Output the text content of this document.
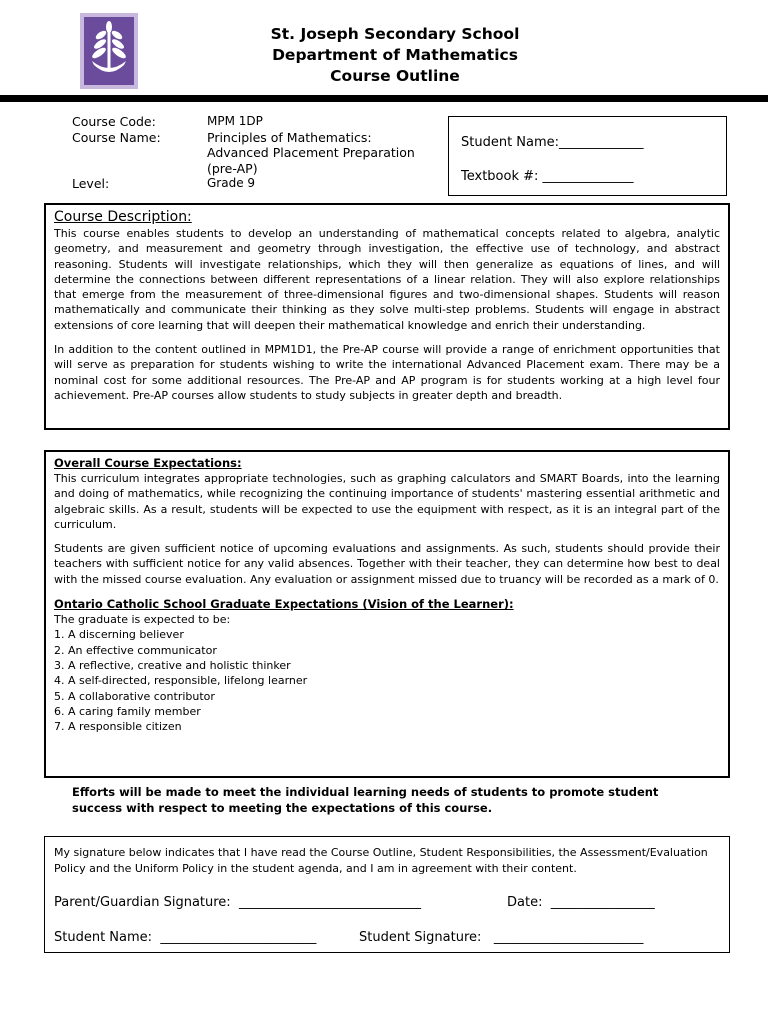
St. Joseph Secondary School
Department of Mathematics
Course Outline
Course Code:	MPM 1DP
Course Name:	Principles of Mathematics:
Advanced Placement Preparation
(pre-AP)
Level:	Grade 9
Student Name:_____________
Textbook #: ______________
Course Description:

This course enables students to develop an understanding of mathematical concepts related to algebra, analytic geometry, and measurement and geometry through investigation, the effective use of technology, and abstract reasoning. Students will investigate relationships, which they will then generalize as equations of lines, and will determine the connections between different representations of a linear relation. They will also explore relationships that emerge from the measurement of three-dimensional figures and two-dimensional shapes. Students will reason mathematically and communicate their thinking as they solve multi-step problems. Students will engage in abstract extensions of core learning that will deepen their mathematical knowledge and enrich their understanding.

In addition to the content outlined in MPM1D1, the Pre-AP course will provide a range of enrichment opportunities that will serve as preparation for students wishing to write the international Advanced Placement exam. There may be a nominal cost for some additional resources. The Pre-AP and AP program is for students working at a high level four achievement. Pre-AP courses allow students to study subjects in greater depth and breadth.

Overall Course Expectations:

This curriculum integrates appropriate technologies, such as graphing calculators and SMART Boards, into the learning and doing of mathematics, while recognizing the continuing importance of students' mastering essential arithmetic and algebraic skills. As a result, students will be expected to use the equipment with respect, as it is an integral part of the curriculum.

Students are given sufficient notice of upcoming evaluations and assignments. As such, students should provide their teachers with sufficient notice for any valid absences. Together with their teacher, they can determine how best to deal with the missed course evaluation. Any evaluation or assignment missed due to truancy will be recorded as a mark of 0.

Ontario Catholic School Graduate Expectations (Vision of the Learner):
The graduate is expected to be:
1. A discerning believer
2. An effective communicator
3. A reflective, creative and holistic thinker
4. A self-directed, responsible, lifelong learner
5. A collaborative contributor
6. A caring family member
7. A responsible citizen
Efforts will be made to meet the individual learning needs of students to promote student success with respect to meeting the expectations of this course.

My signature below indicates that I have read the Course Outline, Student Responsibilities, the Assessment/Evaluation Policy and the Uniform Policy in the student agenda, and I am in agreement with their content.

Parent/Guardian Signature: ____________________________	Date: ________________
Student Name: ________________________	Student Signature: _______________________
